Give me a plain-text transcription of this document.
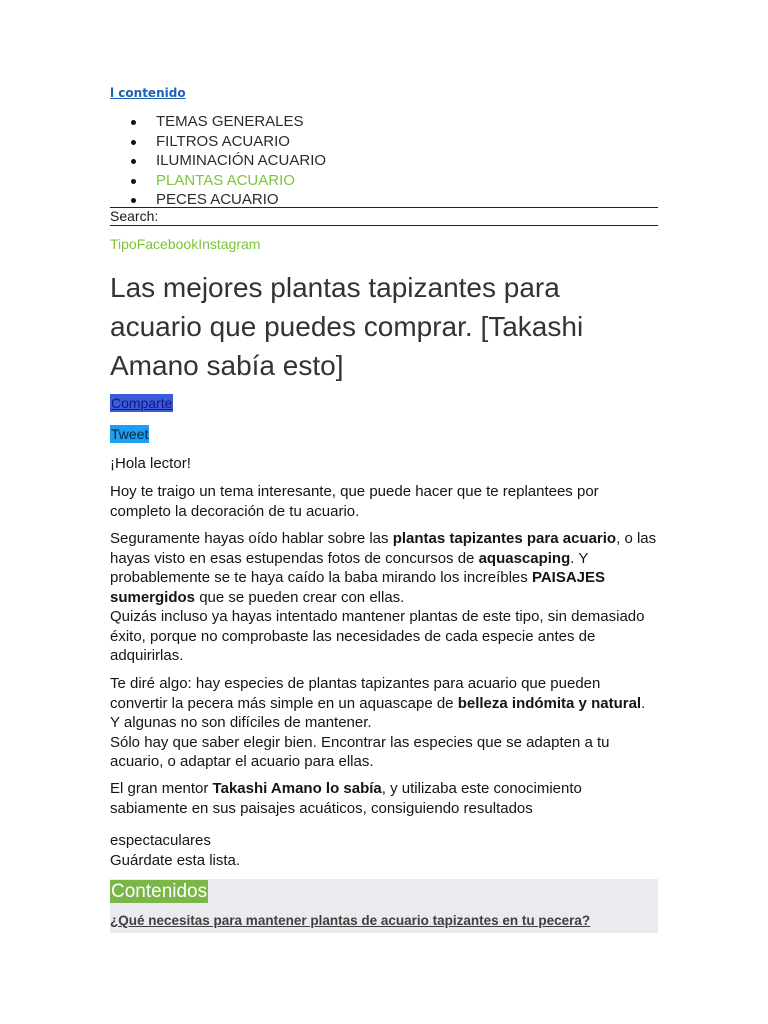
l contenido
TEMAS GENERALES
FILTROS ACUARIO
ILUMINACIÓN ACUARIO
PLANTAS ACUARIO
PECES ACUARIO
Search:
TipoFacebookInstagram
Las mejores plantas tapizantes para acuario que puedes comprar. [Takashi Amano sabía esto]
Comparte
Tweet

¡Hola lector!

Hoy te traigo un tema interesante, que puede hacer que te replantees por completo la decoración de tu acuario.

Seguramente hayas oído hablar sobre las plantas tapizantes para acuario, o las hayas visto en esas estupendas fotos de concursos de aquascaping. Y probablemente se te haya caído la baba mirando los increíbles PAISAJES sumergidos que se pueden crear con ellas.
Quizás incluso ya hayas intentado mantener plantas de este tipo, sin demasiado éxito, porque no comprobaste las necesidades de cada especie antes de adquirirlas.

Te diré algo: hay especies de plantas tapizantes para acuario que pueden convertir la pecera más simple en un aquascape de belleza indómita y natural. Y algunas no son difíciles de mantener.
Sólo hay que saber elegir bien. Encontrar las especies que se adapten a tu acuario, o adaptar el acuario para ellas.

El gran mentor Takashi Amano lo sabía, y utilizaba este conocimiento sabiamente en sus paisajes acuáticos, consiguiendo resultados

espectaculares
Guárdate esta lista.

Contenidos
¿Qué necesitas para mantener plantas de acuario tapizantes en tu pecera?
